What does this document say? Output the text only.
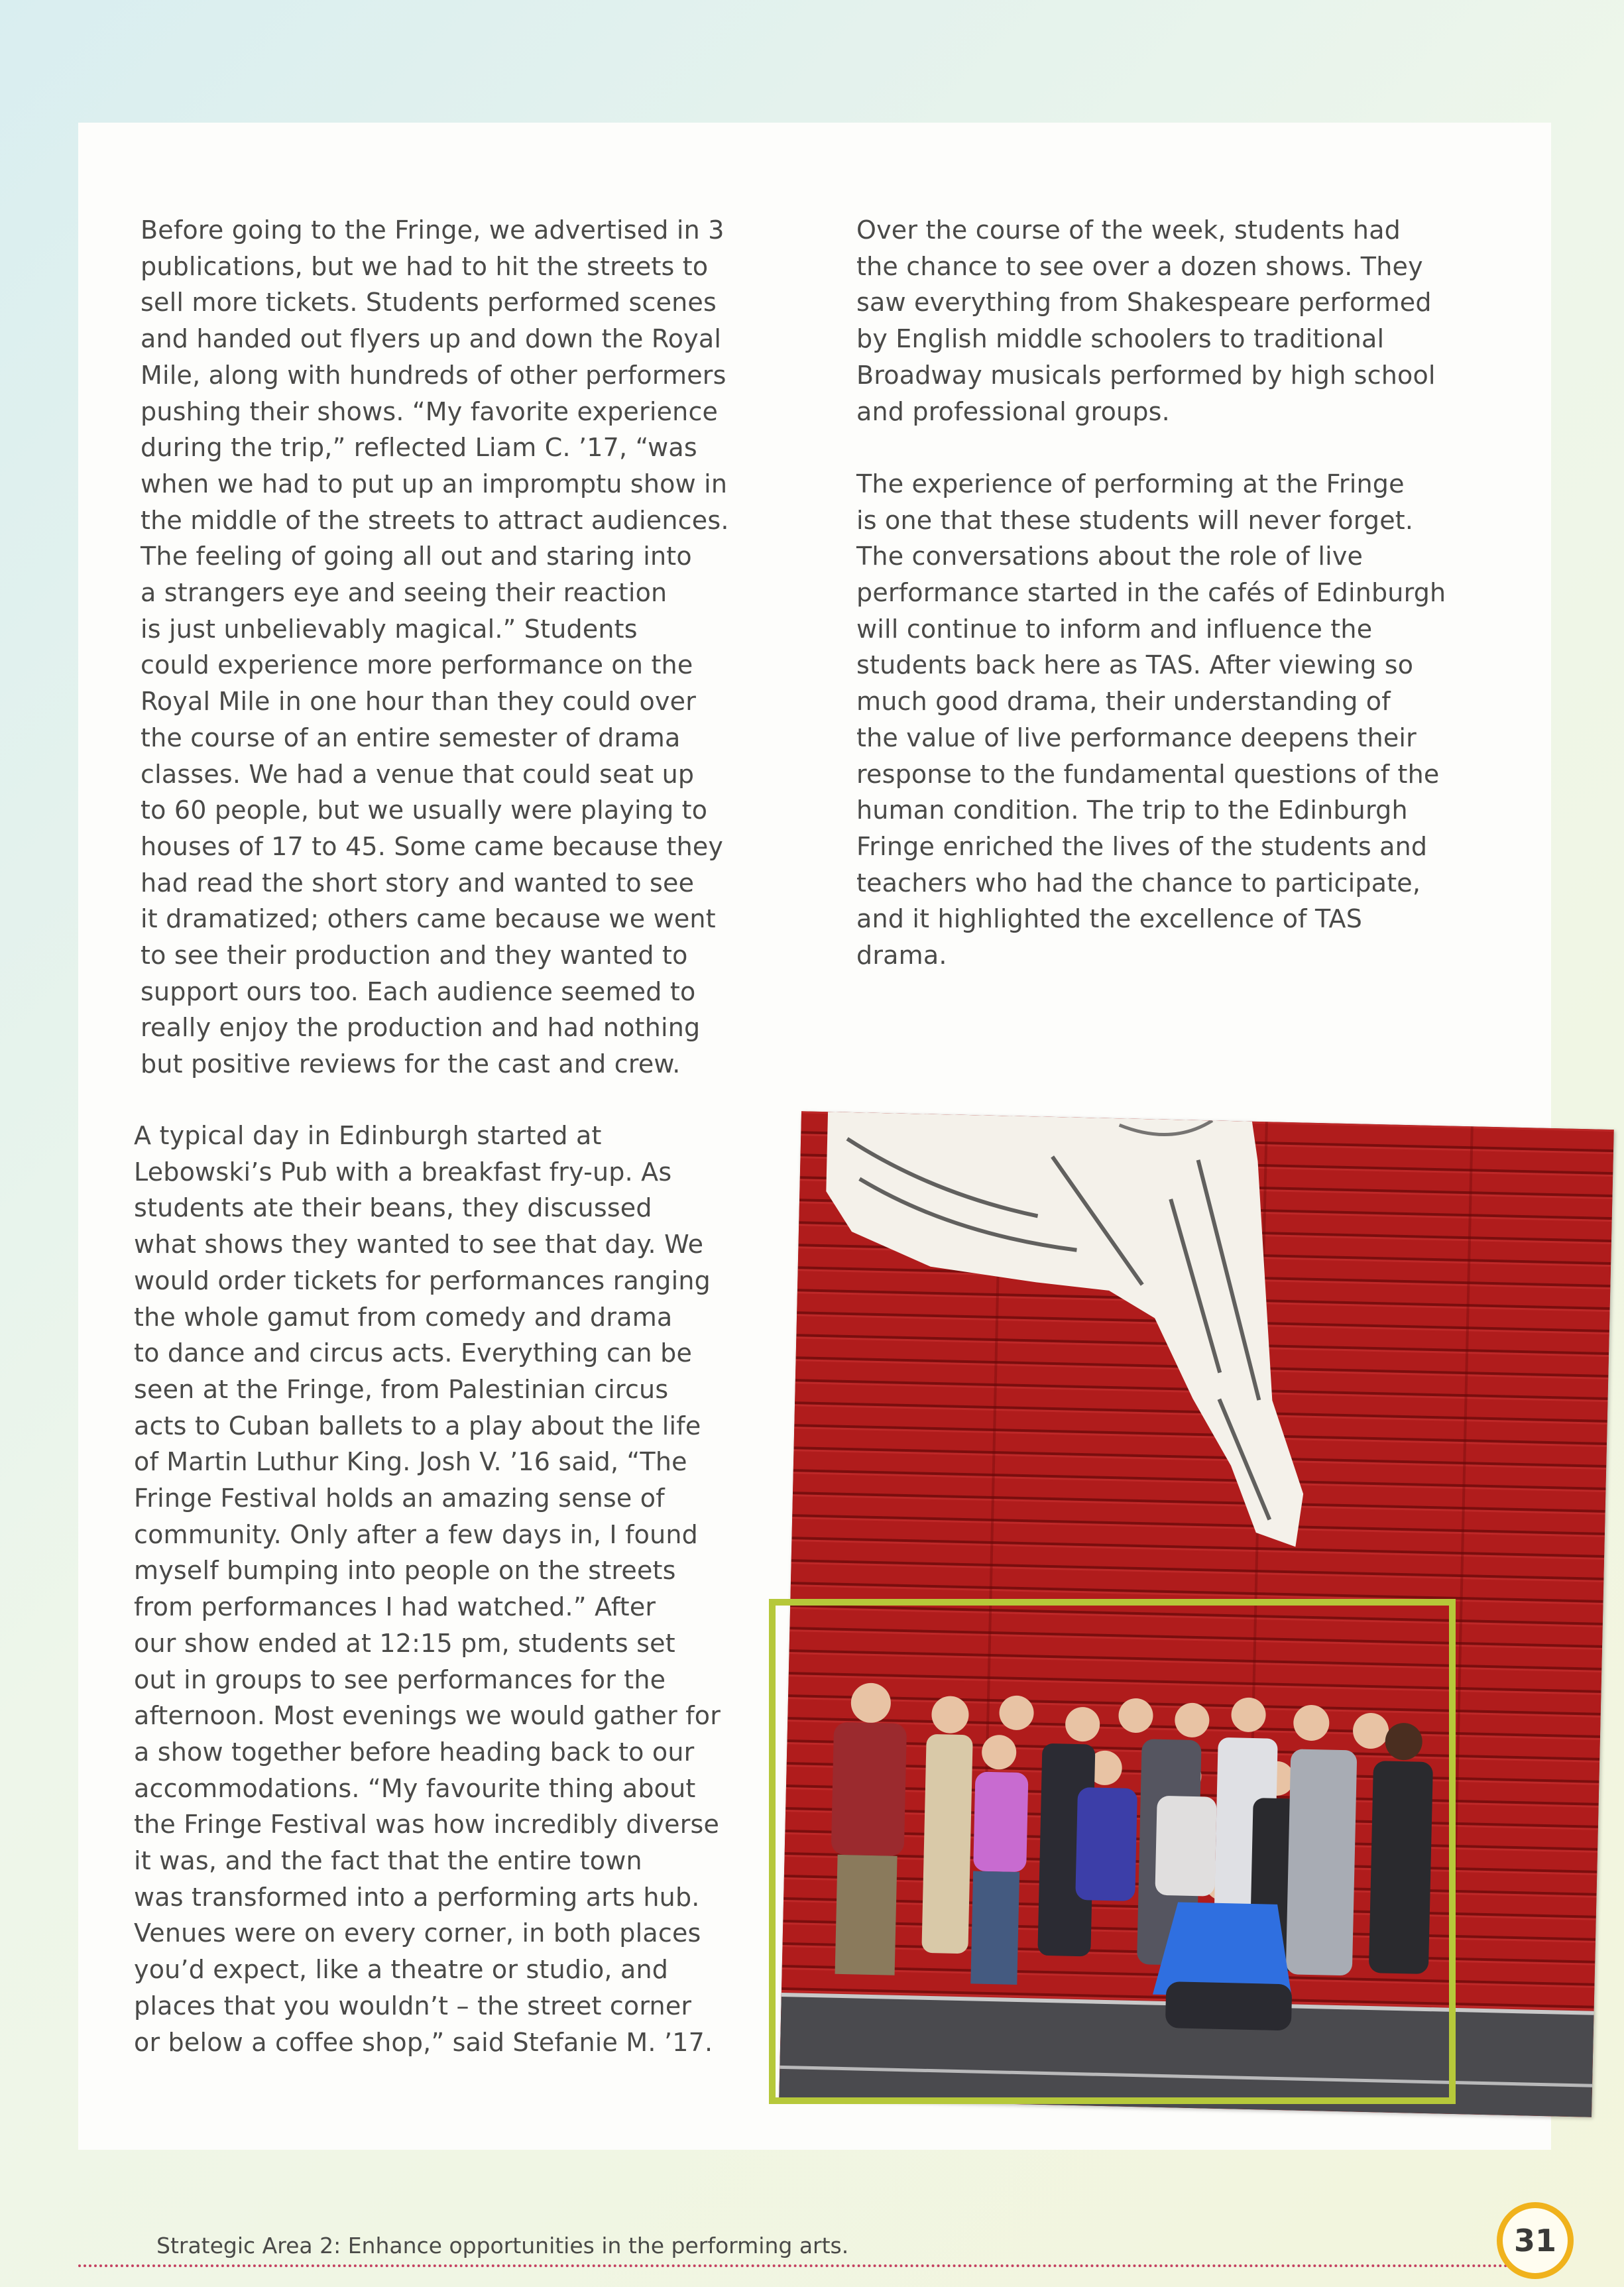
Before going to the Fringe, we advertised in 3
publications, but we had to hit the streets to
sell more tickets. Students performed scenes
and handed out flyers up and down the Royal
Mile, along with hundreds of other performers
pushing their shows. “My favorite experience
during the trip,” reflected Liam C. ’17, “was
when we had to put up an impromptu show in
the middle of the streets to attract audiences.
The feeling of going all out and staring into
a strangers eye and seeing their reaction
is just unbelievably magical.” Students
could experience more performance on the
Royal Mile in one hour than they could over
the course of an entire semester of drama
classes. We had a venue that could seat up
to 60 people, but we usually were playing to
houses of 17 to 45. Some came because they
had read the short story and wanted to see
it dramatized; others came because we went
to see their production and they wanted to
support ours too. Each audience seemed to
really enjoy the production and had nothing
but positive reviews for the cast and crew.

A typical day in Edinburgh started at
Lebowski’s Pub with a breakfast fry-up. As
students ate their beans, they discussed
what shows they wanted to see that day. We
would order tickets for performances ranging
the whole gamut from comedy and drama
to dance and circus acts. Everything can be
seen at the Fringe, from Palestinian circus
acts to Cuban ballets to a play about the life
of Martin Luthur King. Josh V. ’16 said, “The
Fringe Festival holds an amazing sense of
community. Only after a few days in, I found
myself bumping into people on the streets
from performances I had watched.” After
our show ended at 12:15 pm, students set
out in groups to see performances for the
afternoon. Most evenings we would gather for
a show together before heading back to our
accommodations. “My favourite thing about
the Fringe Festival was how incredibly diverse
it was, and the fact that the entire town
was transformed into a performing arts hub.
Venues were on every corner, in both places
you’d expect, like a theatre or studio, and
places that you wouldn’t – the street corner
or below a coffee shop,” said Stefanie M. ’17.

Over the course of the week, students had
the chance to see over a dozen shows. They
saw everything from Shakespeare performed
by English middle schoolers to traditional
Broadway musicals performed by high school
and professional groups.

The experience of performing at the Fringe
is one that these students will never forget.
The conversations about the role of live
performance started in the cafés of Edinburgh
will continue to inform and influence the
students back here as TAS. After viewing so
much good drama, their understanding of
the value of live performance deepens their
response to the fundamental questions of the
human condition. The trip to the Edinburgh
Fringe enriched the lives of the students and
teachers who had the chance to participate,
and it highlighted the excellence of TAS
drama.

Strategic Area 2: Enhance opportunities in the performing arts.	31
